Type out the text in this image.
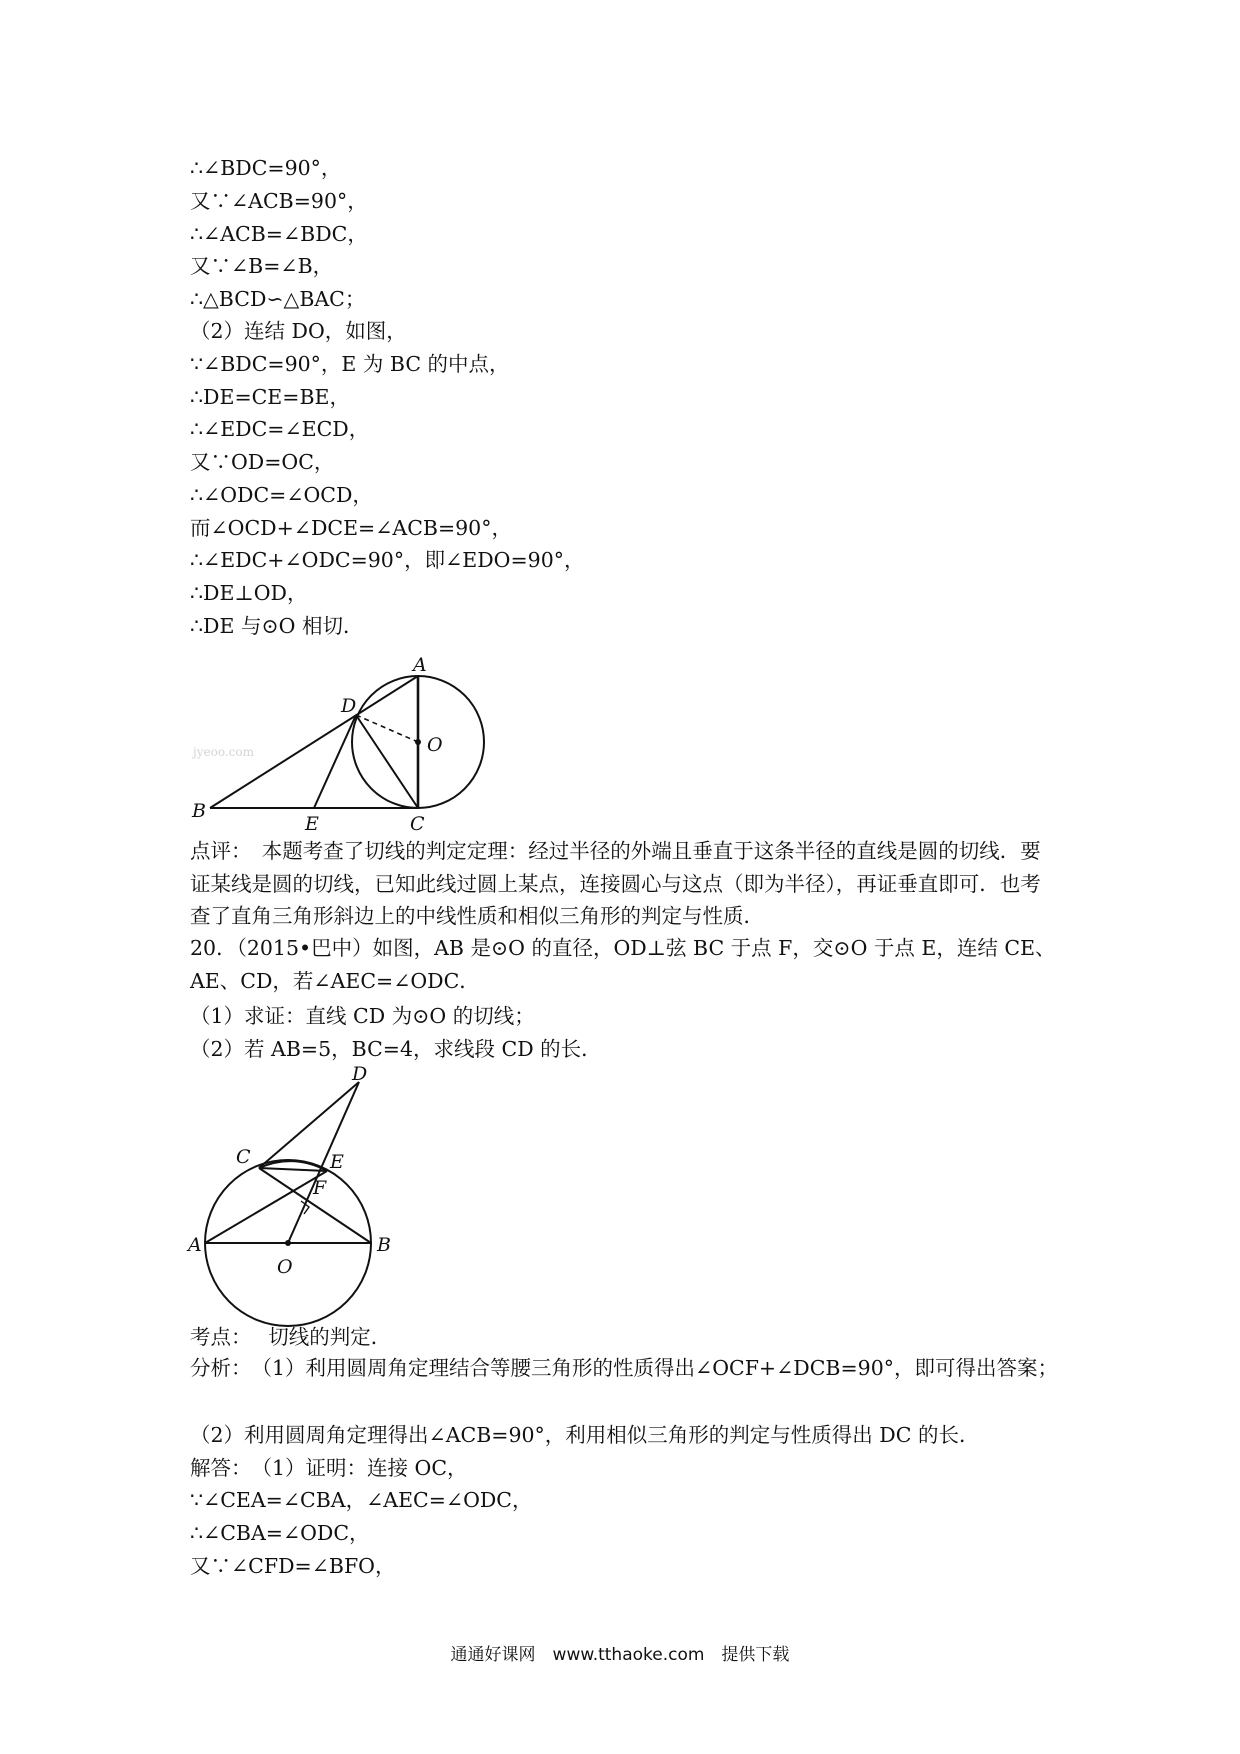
∴∠BDC=90°，
又∵∠ACB=90°，
∴∠ACB=∠BDC，
又∵∠B=∠B，
∴△BCD∽△BAC；
（2）连结 DO，如图，
∵∠BDC=90°，E 为 BC 的中点，
∴DE=CE=BE，
∴∠EDC=∠ECD，
又∵OD=OC，
∴∠ODC=∠OCD，
而∠OCD+∠DCE=∠ACB=90°，
∴∠EDC+∠ODC=90°，即∠EDO=90°，
∴DE⊥OD，
∴DE 与⊙O 相切．
jyeoo.com
A
D
O
B
E	C
点评：　本题考查了切线的判定定理：经过半径的外端且垂直于这条半径的直线是圆的切线．要证某线是圆的切线，已知此线过圆上某点，连接圆心与这点（即为半径），再证垂直即可．也考查了直角三角形斜边上的中线性质和相似三角形的判定与性质．
20．（2015•巴中）如图，AB 是⊙O 的直径，OD⊥弦 BC 于点 F，交⊙O 于点 E，连结 CE、AE、CD，若∠AEC=∠ODC．
（1）求证：直线 CD 为⊙O 的切线；
（2）若 AB=5，BC=4，求线段 CD 的长．
D
C	E
F
A	B
O
考点：　 切线的判定．
分析：　（1）利用圆周角定理结合等腰三角形的性质得出∠OCF+∠DCB=90°，即可得出答案；
（2）利用圆周角定理得出∠ACB=90°，利用相似三角形的判定与性质得出 DC 的长．
解答：　（1）证明：连接 OC，
∵∠CEA=∠CBA，∠AEC=∠ODC，
∴∠CBA=∠ODC，
又∵∠CFD=∠BFO，
通通好课网　www.tthaoke.com　提供下载
